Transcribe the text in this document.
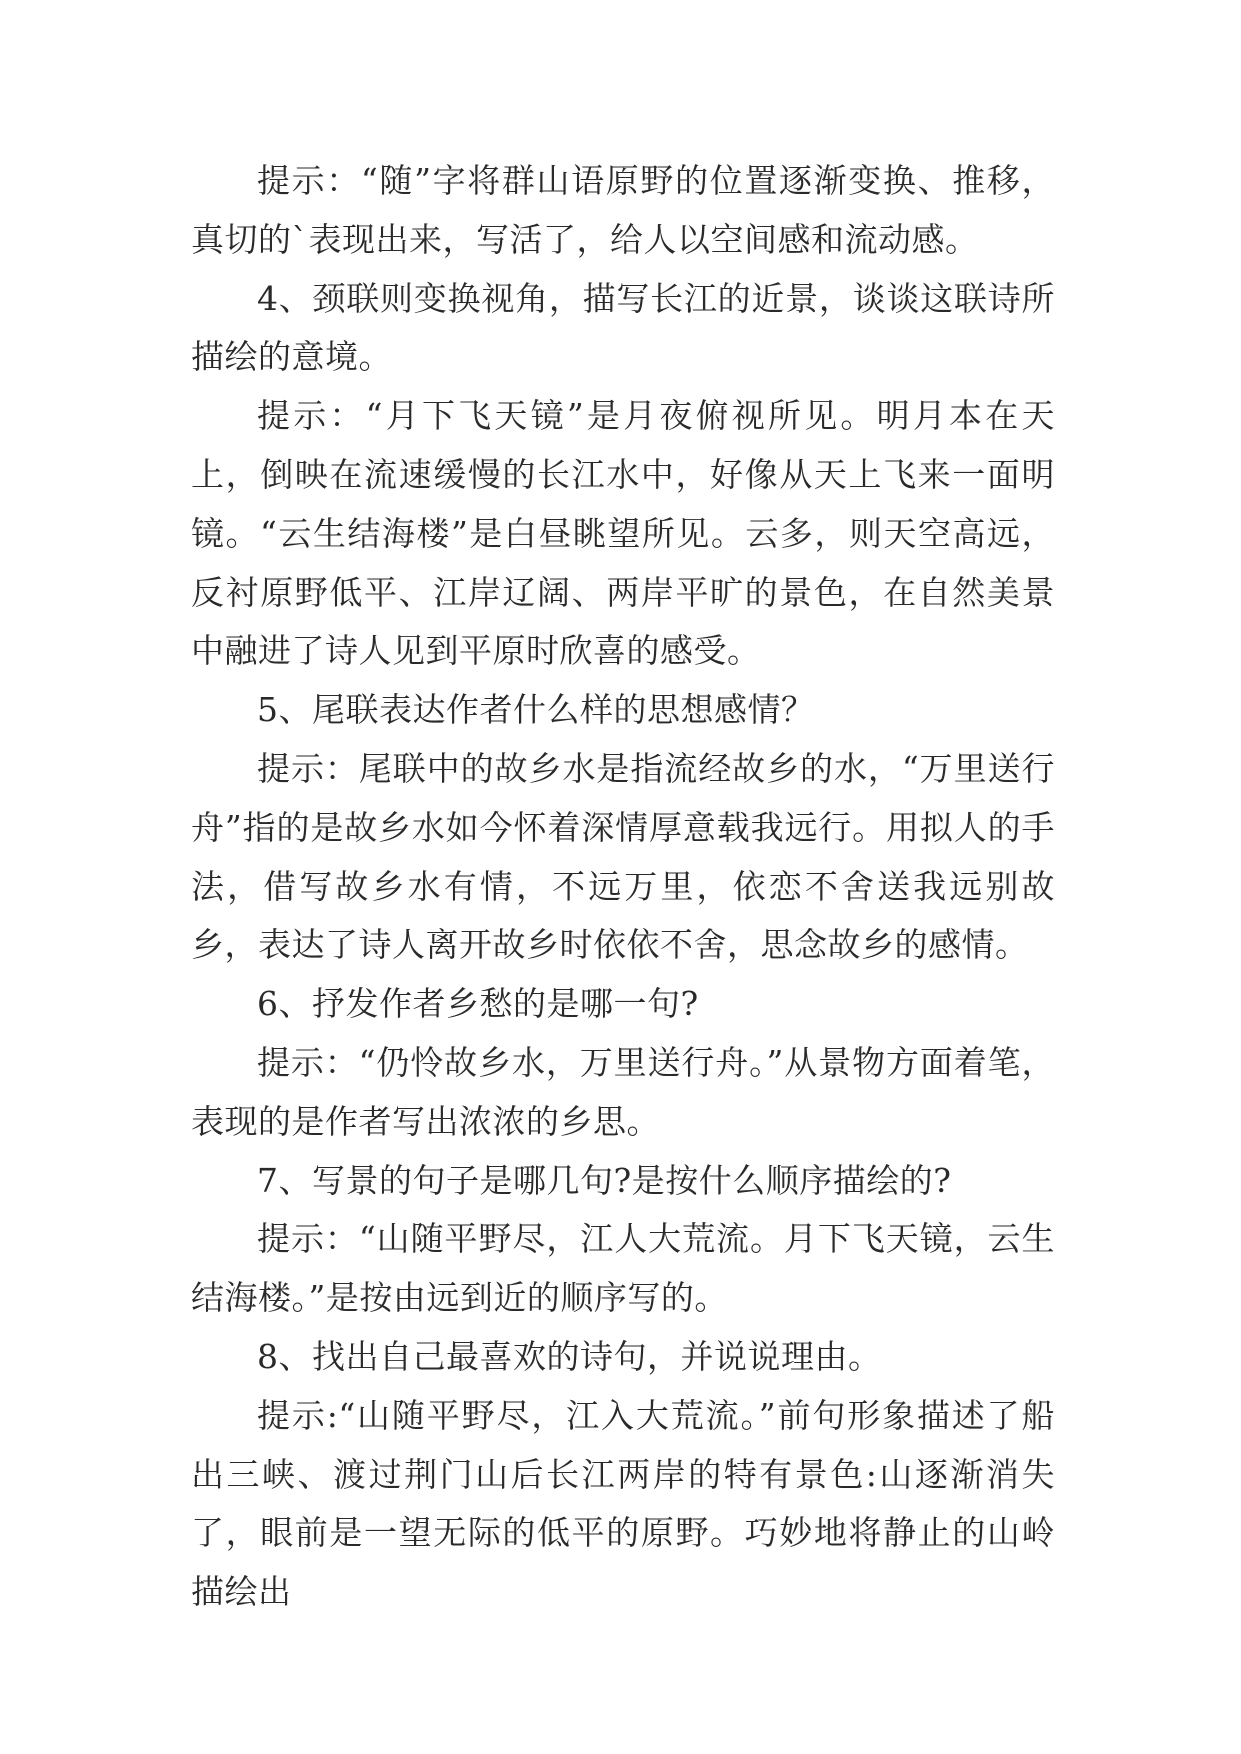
提示：“随”字将群山语原野的位置逐渐变换、推移，真切的`表现出来，写活了，给人以空间感和流动感。

4、颈联则变换视角，描写长江的近景，谈谈这联诗所描绘的意境。

提示：“月下飞天镜”是月夜俯视所见。明月本在天上，倒映在流速缓慢的长江水中，好像从天上飞来一面明镜。“云生结海楼”是白昼眺望所见。云多，则天空高远，反衬原野低平、江岸辽阔、两岸平旷的景色，在自然美景中融进了诗人见到平原时欣喜的感受。

5、尾联表达作者什么样的思想感情？

提示：尾联中的故乡水是指流经故乡的水，“万里送行舟”指的是故乡水如今怀着深情厚意载我远行。用拟人的手法，借写故乡水有情，不远万里，依恋不舍送我远别故乡，表达了诗人离开故乡时依依不舍，思念故乡的感情。

6、抒发作者乡愁的是哪一句?

提示：“仍怜故乡水，万里送行舟。”从景物方面着笔，表现的是作者写出浓浓的乡思。

7、写景的句子是哪几句?是按什么顺序描绘的?

提示：“山随平野尽，江人大荒流。月下飞天镜，云生结海楼。”是按由远到近的顺序写的。

8、找出自己最喜欢的诗句，并说说理由。

提示:“山随平野尽，江入大荒流。”前句形象描述了船出三峡、渡过荆门山后长江两岸的特有景色:山逐渐消失了，眼前是一望无际的低平的原野。巧妙地将静止的山岭描绘出
